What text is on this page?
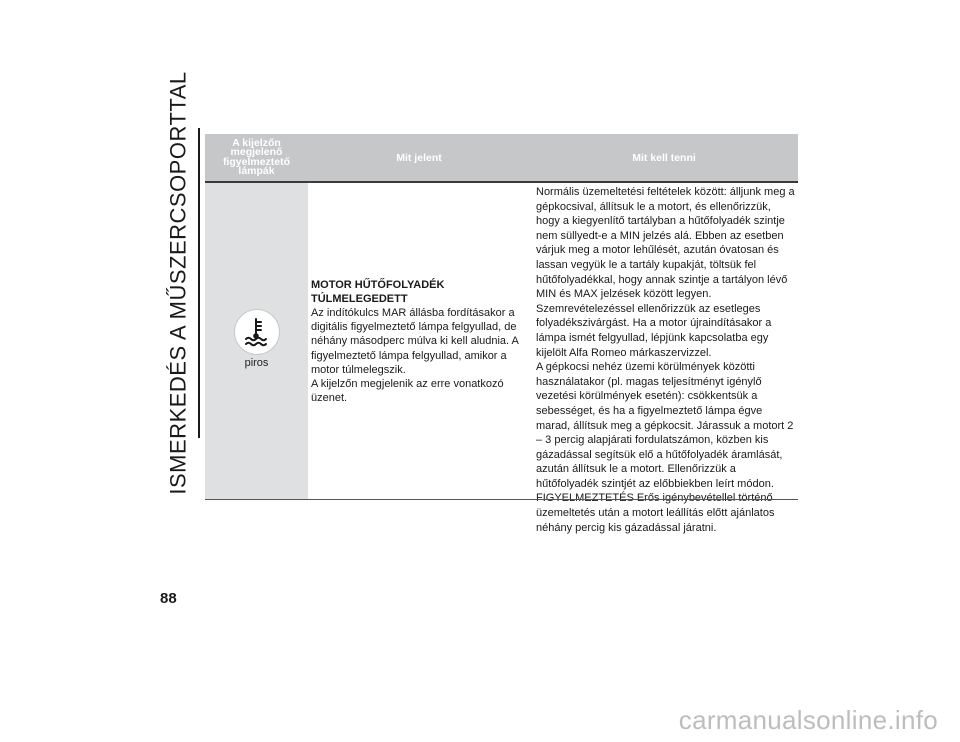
ISMERKEDÉS A MŰSZERCSOPORTTAL
88
A kijelzőn megjelenő figyelmeztető lámpák
Mit jelent	Mit kell tenni
piros

MOTOR HŰTŐFOLYADÉK TÚLMELEGEDETT

Az indítókulcs MAR állásba fordításakor a digitális figyelmeztető lámpa felgyullad, de néhány másodperc múlva ki kell aludnia. A figyelmeztető lámpa felgyullad, amikor a motor túlmelegszik.

A kijelzőn megjelenik az erre vonatkozó üzenet.

Normális üzemeltetési feltételek között: álljunk meg a gépkocsival, állítsuk le a motort, és ellenőrizzük, hogy a kiegyenlítő tartályban a hűtőfolyadék szintje nem süllyedt-e a MIN jelzés alá. Ebben az esetben várjuk meg a motor lehűlését, azután óvatosan és lassan vegyük le a tartály kupakját, töltsük fel hűtőfolyadékkal, hogy annak szintje a tartályon lévő MIN és MAX jelzések között legyen. Szemrevételezéssel ellenőrizzük az esetleges folyadékszivárgást. Ha a motor újraindításakor a lámpa ismét felgyullad, lépjünk kapcsolatba egy kijelölt Alfa Romeo márkaszervizzel.

A gépkocsi nehéz üzemi körülmények közötti használatakor (pl. magas teljesítményt igénylő vezetési körülmények esetén): csökkentsük a sebességet, és ha a figyelmeztető lámpa égve marad, állítsuk meg a gépkocsit. Járassuk a motort 2 – 3 percig alapjárati fordulatszámon, közben kis gázadással segítsük elő a hűtőfolyadék áramlását, azután állítsuk le a motort. Ellenőrizzük a hűtőfolyadék szintjét az előbbiekben leírt módon.

üzemeltetés után a motort leállítás előtt ajánlatos néhány percig kis gázadással járatni.

carmanualsonline.info
